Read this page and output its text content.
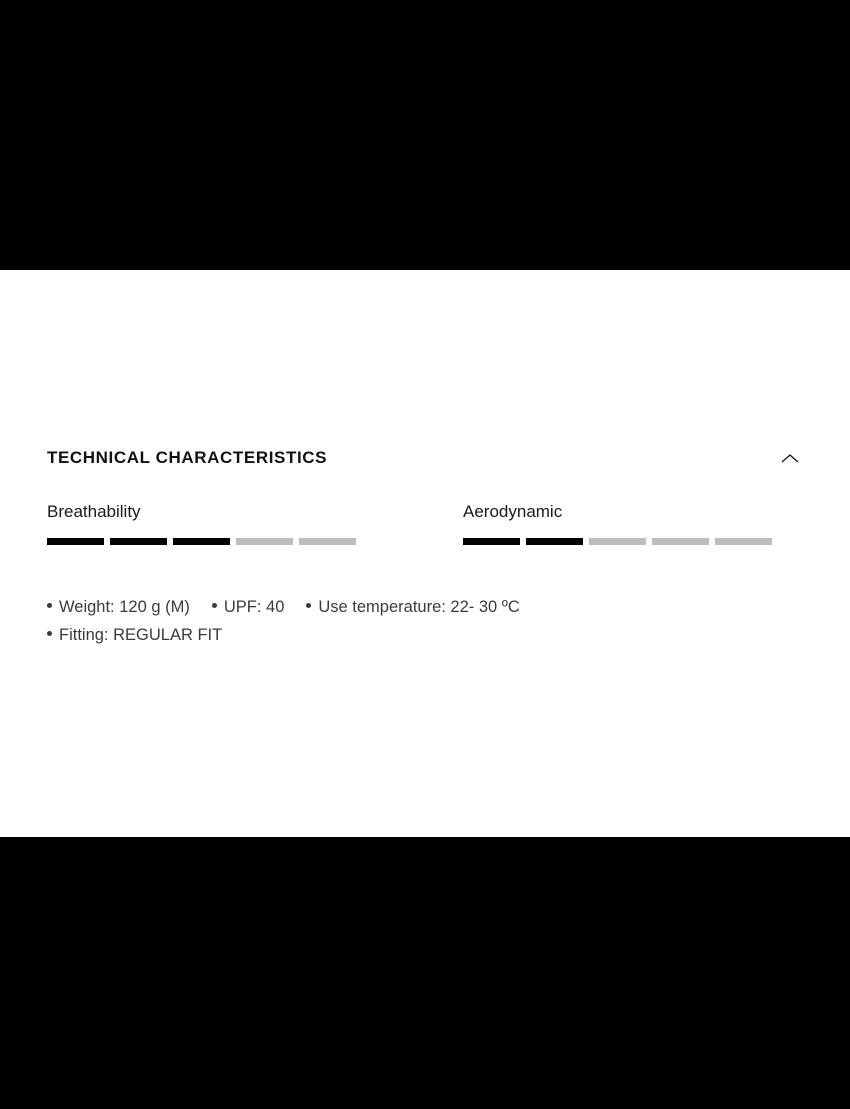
TECHNICAL CHARACTERISTICS
Breathability	Aerodynamic
Weight: 120 g (M) UPF: 40 Use temperature: 22- 30 ºC
Fitting: REGULAR FIT
